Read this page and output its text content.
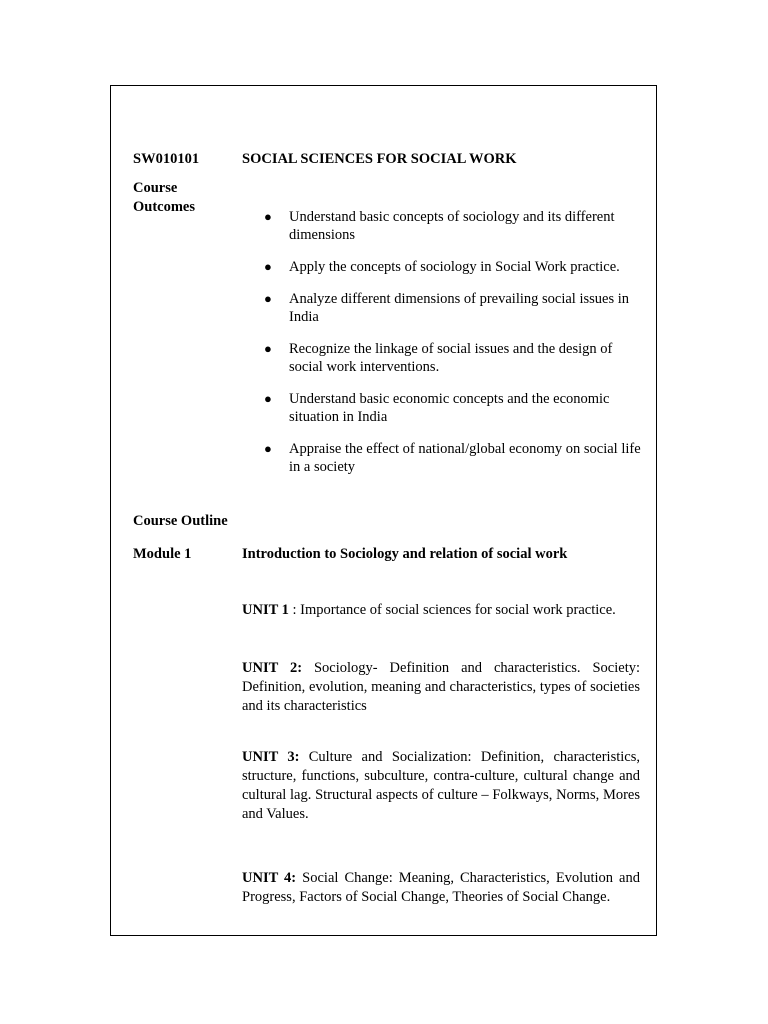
SW010101	SOCIAL SCIENCES FOR SOCIAL WORK
Course
Outcomes
● Understand basic concepts of sociology and its different dimensions
● Apply the concepts of sociology in Social Work practice.
● Analyze different dimensions of prevailing social issues in India
● Recognize the linkage of social issues and the design of social work interventions.
● Understand basic economic concepts and the economic situation in India
● Appraise the effect of national/global economy on social life in a society
Course Outline
Module 1	Introduction to Sociology and relation of social work
UNIT 1 : Importance of social sciences for social work practice.
UNIT 2: Sociology- Definition and characteristics. Society: Definition, evolution, meaning and characteristics, types of societies and its characteristics
UNIT 3: Culture and Socialization: Definition, characteristics, structure, functions, subculture, contra-culture, cultural change and cultural lag. Structural aspects of culture – Folkways, Norms, Mores and Values.
UNIT 4: Social Change: Meaning, Characteristics, Evolution and Progress, Factors of Social Change, Theories of Social Change.
